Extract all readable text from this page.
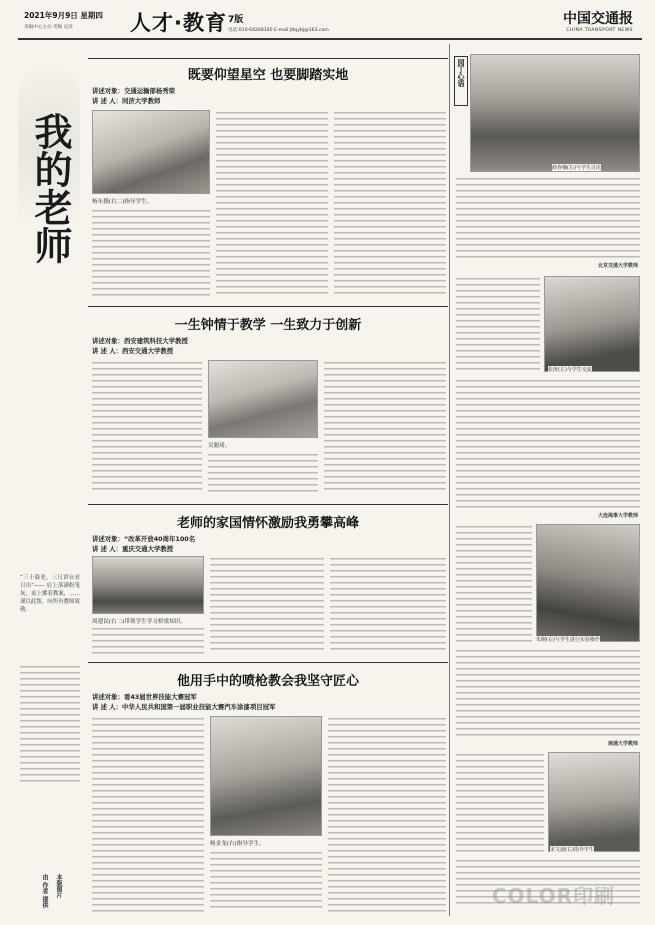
2021年9月9日 星期四
采编中心主办 责编 吴泽	人才·教育 7版
电话:010-64268340 E-mail:jtbjybj@163.com
中国交通报
CHINA TRANSPORT NEWS
我的老师
“三十载老，三尺讲台看日出”—— 肩上落满粉笔灰，桌上摞着教案，……谨以此版，向所有教师致敬。
本版图片
由 作者 提供
既要仰望星空 也要脚踏实地
讲述对象：交通运输部杨秀荣
讲 述 人：同济大学教师
杨东援(右二)指导学生。
园丁心语
薛春楠(右)与学生讨论
北京交通大学教师
张涛(左)与学生交流
大连海事大学教师
朱刚(右)与学生进行实验操作
南通大学教师
宋文迪(右)指导学生
一生钟情于教学 一生致力于创新
讲述对象：西安建筑科技大学教授
讲 述 人：西安交通大学教授
吴魁琦。
老师的家国情怀激励我勇攀高峰
讲述对象：“改革开放40周年100名
讲 述 人：重庆交通大学教授
周建民(右二)带领学生学习桥梁知识。
他用手中的喷枪教会我坚守匠心
讲述对象：看43届世界技能大赛冠军
讲 述 人：中华人民共和国第一届职业技能大赛汽车涂漆项目冠军
杨金龙(右)指导学生。
COLOR印刷
